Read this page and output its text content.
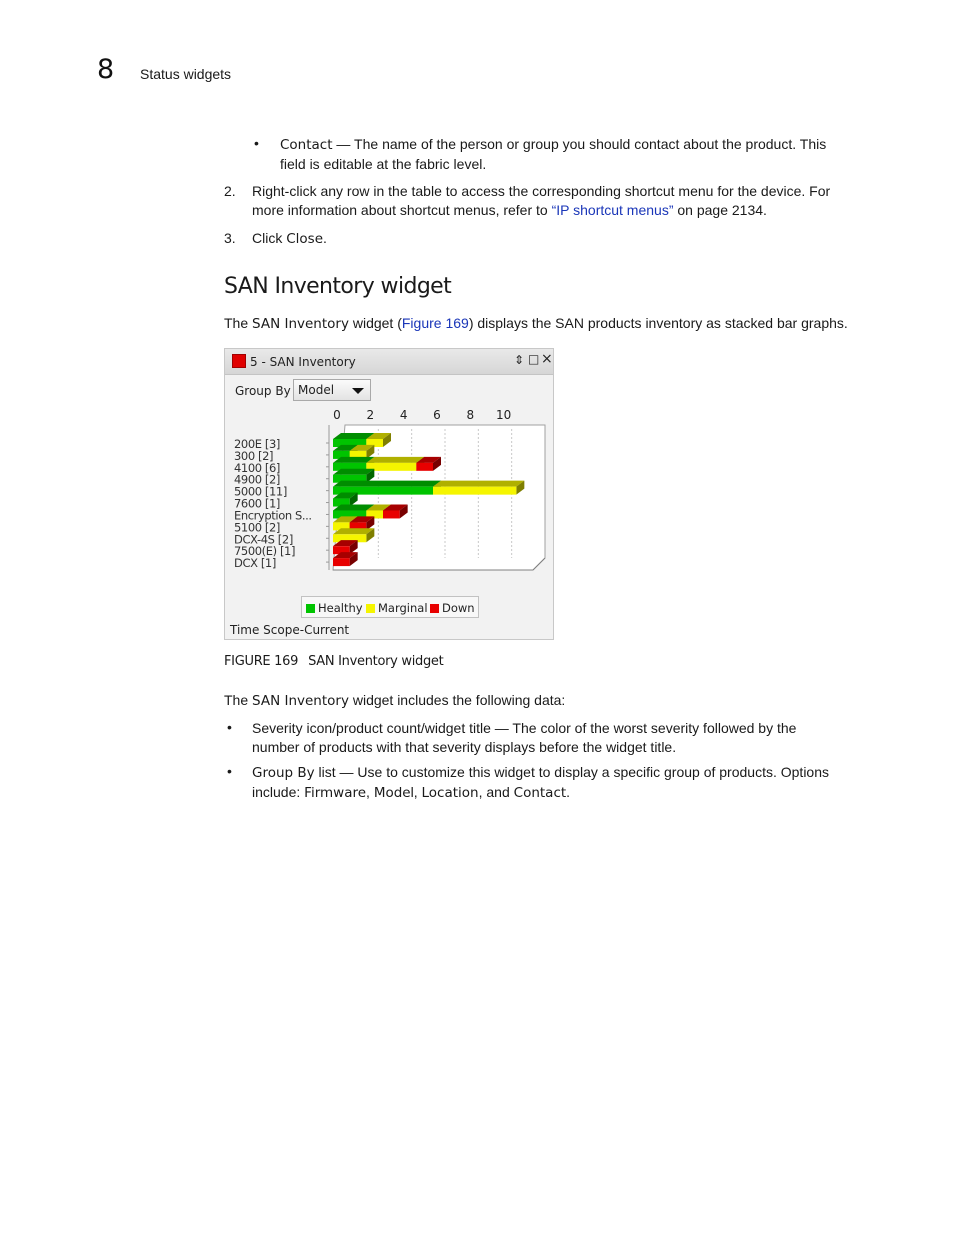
8 Status widgets
• Contact — The name of the person or group you should contact about the product. This
field is editable at the fabric level.
2. Right-click any row in the table to access the corresponding shortcut menu for the device. For
more information about shortcut menus, refer to “IP shortcut menus” on page 2134.
3. Click Close.
SAN Inventory widget
The SAN Inventory widget (Figure 169) displays the SAN products inventory as stacked bar graphs.
5 - SAN Inventory	⇕ □ ×
Group By Model
0 2 4 6 8 10
200E [3]
300 [2]
4100 [6]
4900 [2]
5000 [11]
7600 [1]
Encryption S...
5100 [2]
DCX-4S [2]
7500(E) [1]
DCX [1]
Healthy	Marginal	Down
Time Scope-Current
FIGURE 169 SAN Inventory widget
The SAN Inventory widget includes the following data:
• Severity icon/product count/widget title — The color of the worst severity followed by the
number of products with that severity displays before the widget title.
• Group By list — Use to customize this widget to display a specific group of products. Options
include: Firmware, Model, Location, and Contact.
